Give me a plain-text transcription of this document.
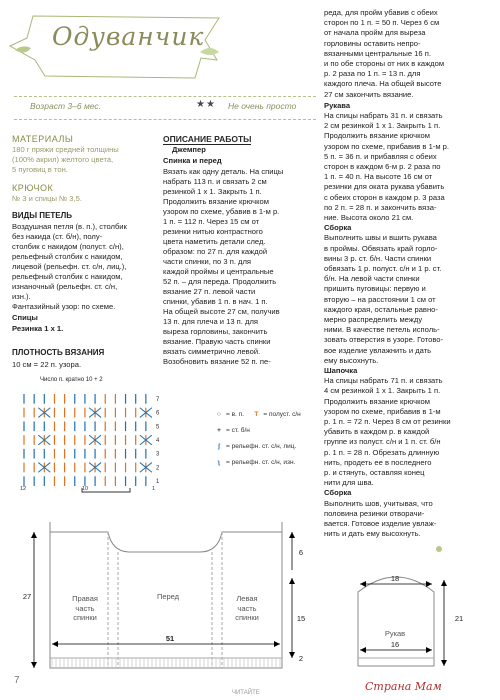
Одуванчик
Возраст 3–6 мес.	★★ Не очень просто
МАТЕРИАЛЫ
180 г пряжи средней толщины
(100% акрил) желтого цвета,
5 пуговиц в тон.
КРЮЧОК
№ 3 и спицы № 3,5.
ВИДЫ ПЕТЕЛЬ
Воздушная петля (в. п.), столбик
без накида (ст. б/н), полу-
столбик с накидом (полуст. с/н),
рельефный столбик с накидом,
лицевой (рельефн. ст. с/н, лиц.),
рельефный столбик с накидом,
изнаночный (рельефн. ст. с/н,
изн.).
Фантазийный узор: по схеме.
Спицы
Резинка 1 х 1.
ПЛОТНОСТЬ ВЯЗАНИЯ
10 см = 22 п. узора.
ОПИСАНИЕ РАБОТЫ
Джемпер
Спинка и перед
Вязать как одну деталь. На спицы
набрать 113 п. и связать 2 см
резинкой 1 х 1. Закрыть 1 п.
Продолжить вязание крючком
узором по схеме, убавив в 1-м р.
1 п. = 112 п. Через 15 см от
резинки нитью контрастного
цвета наметить детали след.
образом: по 27 п. для каждой
части спинки, по 3 п. для
каждой проймы и центральные
52 п. – для переда. Продолжить
вязание 27 п. левой части
спинки, убавив 1 п. в нач. 1 п.
На общей высоте 27 см, получив
13 п. для плеча и 13 п. для
выреза горловины, закончить
вязание. Правую часть спинки
вязать симметрично левой.
Возобновить вязание 52 п. пе-
реда, для пройм убавив с обеих
сторон по 1 п. = 50 п. Через 6 см
от начала пройм для выреза
горловины оставить непро-
вязанными центральные 16 п.
и по обе стороны от них в каждом
р. 2 раза по 1 п. = 13 п. для
каждого плеча. На общей высоте
27 см закончить вязание.
Рукава
На спицы набрать 31 п. и связать
2 см резинкой 1 х 1. Закрыть 1 п.
Продолжить вязание крючком
узором по схеме, прибавив в 1-м р.
5 п. = 36 п. и прибавляя с обеих
сторон в каждом 6-м р. 2 раза по
1 п. = 40 п. На высоте 16 см от
резинки для оката рукава убавить
с обеих сторон в каждом р. 3 раза
по 2 п. = 28 п. и закончить вяза-
ние. Высота около 21 см.
Сборка
Выполнить швы и вшить рукава
в проймы. Обвязать край горло-
вины 3 р. ст. б/н. Части спинки
обвязать 1 р. полуст. с/н и 1 р. ст.
б/н. На левой части спинки
пришить пуговицы: первую и
вторую – на расстоянии 1 см от
каждого края, остальные равно-
мерно распределить между
ними. В качестве петель исполь-
зовать отверстия в узоре. Готово-
вое изделие увлажнить и дать
ему высохнуть.
Шапочка
На спицы набрать 71 п. и связать
4 см резинкой 1 х 1. Закрыть 1 п.
Продолжить вязание крючком
узором по схеме, прибавив в 1-м
р. 1 п. = 72 п. Через 8 см от резинки
убавить в каждом р. в каждой
группе из полуст. с/н и 1 п. ст. б/н
р. 1 п. = 28 п. Обрезать длинную
нить, продеть ее в последнего
р. и стянуть, оставляя конец
нити для шва.
Сборка
Выполнить шов, учитывая, что
половина резинки отворачи-
вается. Готовое изделие увлаж-
нить и дать ему высохнуть.
Число п. кратно 10 + 2
7
6
5
4
3
2
1
12	10	1
○ = в. п. T = полуст. с/н
+ = ст. б/н
ʃ = рельефн. ст. с/н, лиц.
ʅ = рельефн. ст. с/н, изн.
Правая
часть
спинки
Перед	Левая
часть
спинки
51
27
15
6
2
Рукав
18
16
21
7
ЧИТАЙТЕ	Страна Мам
